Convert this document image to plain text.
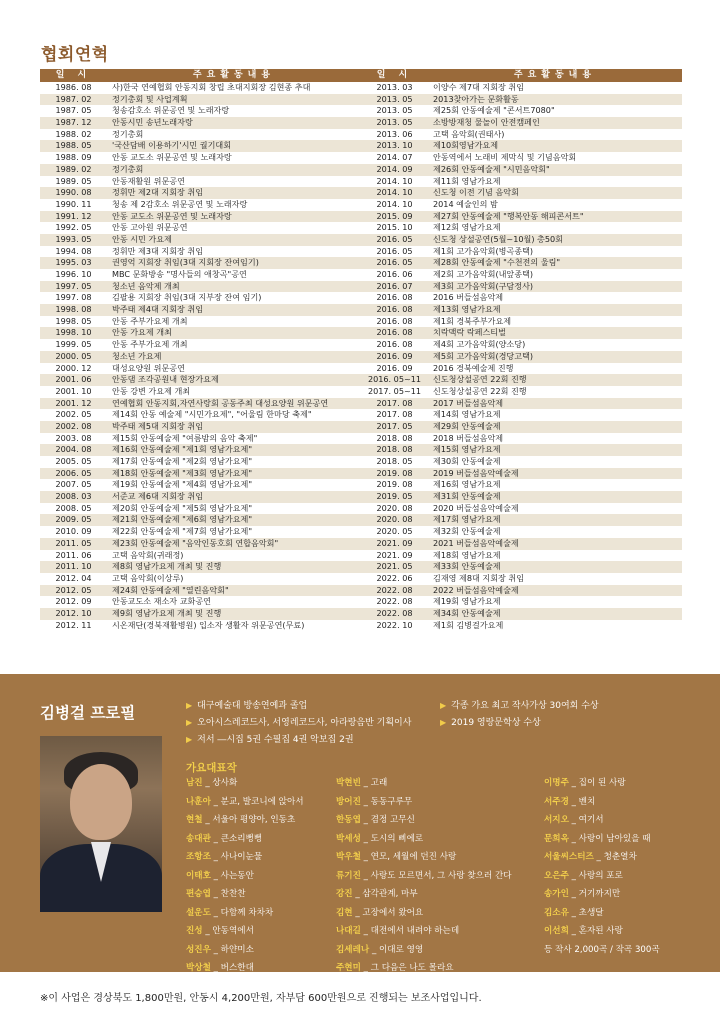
협회연혁
일 시	주요활동내용	일 시	주요활동내용
1986. 08	사)한국 연예협회 안동지회 창립 초대지회장 김현종 추대	2013. 03	이양수 제7대 지회장 취임
1987. 02	정기총회 및 사업계획	2013. 05	2013찾아가는 문화활동
1987. 05	청송감호소 위문공연 및 노래자랑	2013. 05	제25회 안동예술제 "콘서트7080"
1987. 12	안동시민 송년노래자랑	2013. 05	소방방재청 물놀이 안전캠페인
1988. 02	정기총회	2013. 06	고택 음악회(권태사)
1988. 05	'국산담배 이용하기'시민 궐기대회	2013. 10	제10회영남가요제
1988. 09	안동 교도소 위문공연 및 노래자랑	2014. 07	안동역에서 노래비 제막식 및 기념음악회
1989. 02	정기총회	2014. 09	제26회 안동예술제 "시민음악회"
1989. 05	안동재활원 위문공연	2014. 10	제11회 영남가요제
1990. 08	정휘만 제2대 지회장 취임	2014. 10	신도청 이전 기념 음악회
1990. 11	청송 제 2감호소 위문공연 및 노래자랑	2014. 10	2014 예술인의 밤
1991. 12	안동 교도소 위문공연 및 노래자랑	2015. 09	제27회 안동예술제 "행복안동 해피콘서트"
1992. 05	안동 고아원 위문공연	2015. 10	제12회 영남가요제
1993. 05	안동 시민 가요제	2016. 05	신도청 상설공연(5월~10월) 총50회
1994. 08	정휘만 제3대 지회장 취임	2016. 05	제1회 고가음악회(병곡종택)
1995. 03	권영억 지회장 취임(3대 지회장 잔여임기)	2016. 05	제28회 안동예술제 "수천전의 울림"
1996. 10	MBC 문화방송 "명사들의 애창곡"공연	2016. 06	제2회 고가음악회(내앞종택)
1997. 05	청소년 음악제 개최	2016. 07	제3회 고가음악회(구담정사)
1997. 08	김팔용 지회장 취임(3대 지부장 잔여 임기)	2016. 08	2016 버들섬음악제
1998. 08	박주태 제4대 지회장 취임	2016. 08	제13회 영남가요제
1998. 05	안동 주부가요제 개최	2016. 08	제1회 경북주부가요제
1998. 10	안동 가요제 개최	2016. 08	치락맥락 락페스티벌
1999. 05	안동 주부가요제 개최	2016. 08	제4회 고가음악회(양소당)
2000. 05	청소년 가요제	2016. 09	제5회 고가음악회(경당고택)
2000. 12	대성요양원 위문공연	2016. 09	2016 경북예술제 진행
2001. 06	안동댐 조각공원내 현장가요제	2016. 05~11	신도청상설공연 22회 진행
2001. 10	안동 강변 가요제 개최	2017. 05~11	신도청상설공연 22회 진행
2001. 12	연예협회 안동지회,자연사랑회 공동주최 대성요양원 위문공연	2017. 08	2017 버들섬음악제
2002. 05	제14회 안동 예술제 "시민가요제", "어울림 한마당 축제"	2017. 08	제14회 영남가요제
2002. 08	박주태 제5대 지회장 취임	2017. 05	제29회 안동예술제
2003. 08	제15회 안동예술제 "여름밤의 음악 축제"	2018. 08	2018 버들섬음악제
2004. 08	제16회 안동예술제 "제1회 영남가요제"	2018. 08	제15회 영남가요제
2005. 05	제17회 안동예술제 "제2회 영남가요제"	2018. 05	제30회 안동예술제
2006. 05	제18회 안동예술제 "제3회 영남가요제"	2019. 08	2019 버들섬음악예술제
2007. 05	제19회 안동예술제 "제4회 영남가요제"	2019. 08	제16회 영남가요제
2008. 03	서준교 제6대 지회장 취임	2019. 05	제31회 안동예술제
2008. 05	제20회 안동예술제 "제5회 영남가요제"	2020. 08	2020 버들섬음악예술제
2009. 05	제21회 안동예술제 "제6회 영남가요제"	2020. 08	제17회 영남가요제
2010. 09	제22회 안동예술제 "제7회 영남가요제"	2020. 05	제32회 안동예술제
2011. 05	제23회 안동예술제 "음악인동호회 연합음악회"	2021. 09	2021 버들섬음악예술제
2011. 06	고택 음악회(귀래정)	2021. 09	제18회 영남가요제
2011. 10	제8회 영남가요제 개최 및 진행	2021. 05	제33회 안동예술제
2012. 04	고택 음악회(이상루)	2022. 06	김재영 제8대 지회장 취임
2012. 05	제24회 안동예술제 "열린음악회"	2022. 08	2022 버들섬음악예술제
2012. 09	안동교도소 재소자 교화공연	2022. 08	제19회 영남가요제
2012. 10	제9회 영남가요제 개최 및 진행	2022. 08	제34회 안동예술제
2012. 11	시온재단(경북재활병원) 입소자 생활자 위문공연(무료)	2022. 10	제1회 김병걸가요제
김병걸 프로필	▶ 대구예술대 방송연예과 졸업	▶ 각종 가요 최고 작사가상 30여회 수상
▶ 오아시스레코드사, 서영레코드사, 아라랑음반 기획이사	▶ 2019 영랑문학상 수상
▶ 저서 ―시집 5권 수필집 4권 악보집 2권
가요대표작
남진 _ 상사화	박현빈 _ 고래	이명주 _ 집이 된 사랑
나훈아 _ 분교, 발코니에 앉아서	방어진 _ 동동구루무	서주경 _ 벤치
현철 _ 서울아 평양아, 인동초	한동엽 _ 겸정 고무신	서지오 _ 여기서
송대관 _ 큰소리뻥뻥	박세성 _ 도시의 삐에로	문희옥 _ 사랑이 남아있을 때
조항조 _ 사나이눈물	박우철 _ 연모, 세월에 던진 사랑	서울씨스터즈 _ 청춘열차
이태호 _ 사는동안	류기진 _ 사랑도 모르면서, 그 사랑 찾으러 간다	오은주 _ 사랑의 포로
편승엽 _ 찬찬찬	강진 _ 삼각관계, 마부	송가인 _ 거기까지만
설운도 _ 다함께 차차차	김현 _ 고장에서 왔어요	김소유 _ 초생달
진성 _ 안동역에서	나대길 _ 대전에서 내려야 하는데	이선희 _ 혼자된 사랑
성진우 _ 하얀미소	김세레나 _ 이대로 영영
박상철 _ 버스한대	주현미 _ 그 다음은 나도 몰라요
등 작사 2,000곡 / 작곡 300곡
※이 사업은 경상북도 1,800만원, 안동시 4,200만원, 자부담 600만원으로 진행되는 보조사업입니다.
